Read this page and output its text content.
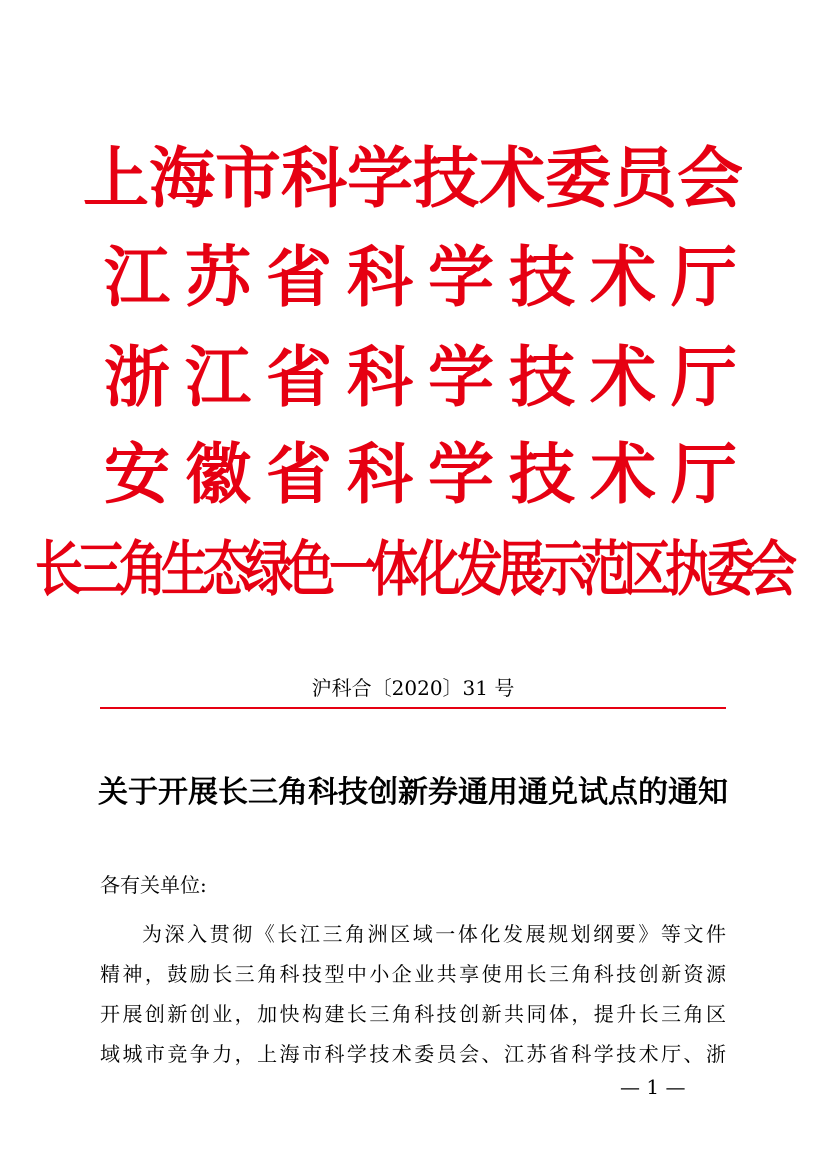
上海市科学技术委员会
江苏省科学技术厅
浙江省科学技术厅
安徽省科学技术厅
长三角生态绿色一体化发展示范区执委会
沪科合〔2020〕31 号
关于开展长三角科技创新券通用通兑试点的通知
各有关单位:
为深入贯彻《长江三角洲区域一体化发展规划纲要》等文件
精神，鼓励长三角科技型中小企业共享使用长三角科技创新资源
开展创新创业，加快构建长三角科技创新共同体，提升长三角区
域城市竞争力，上海市科学技术委员会、江苏省科学技术厅、浙
— 1 —
